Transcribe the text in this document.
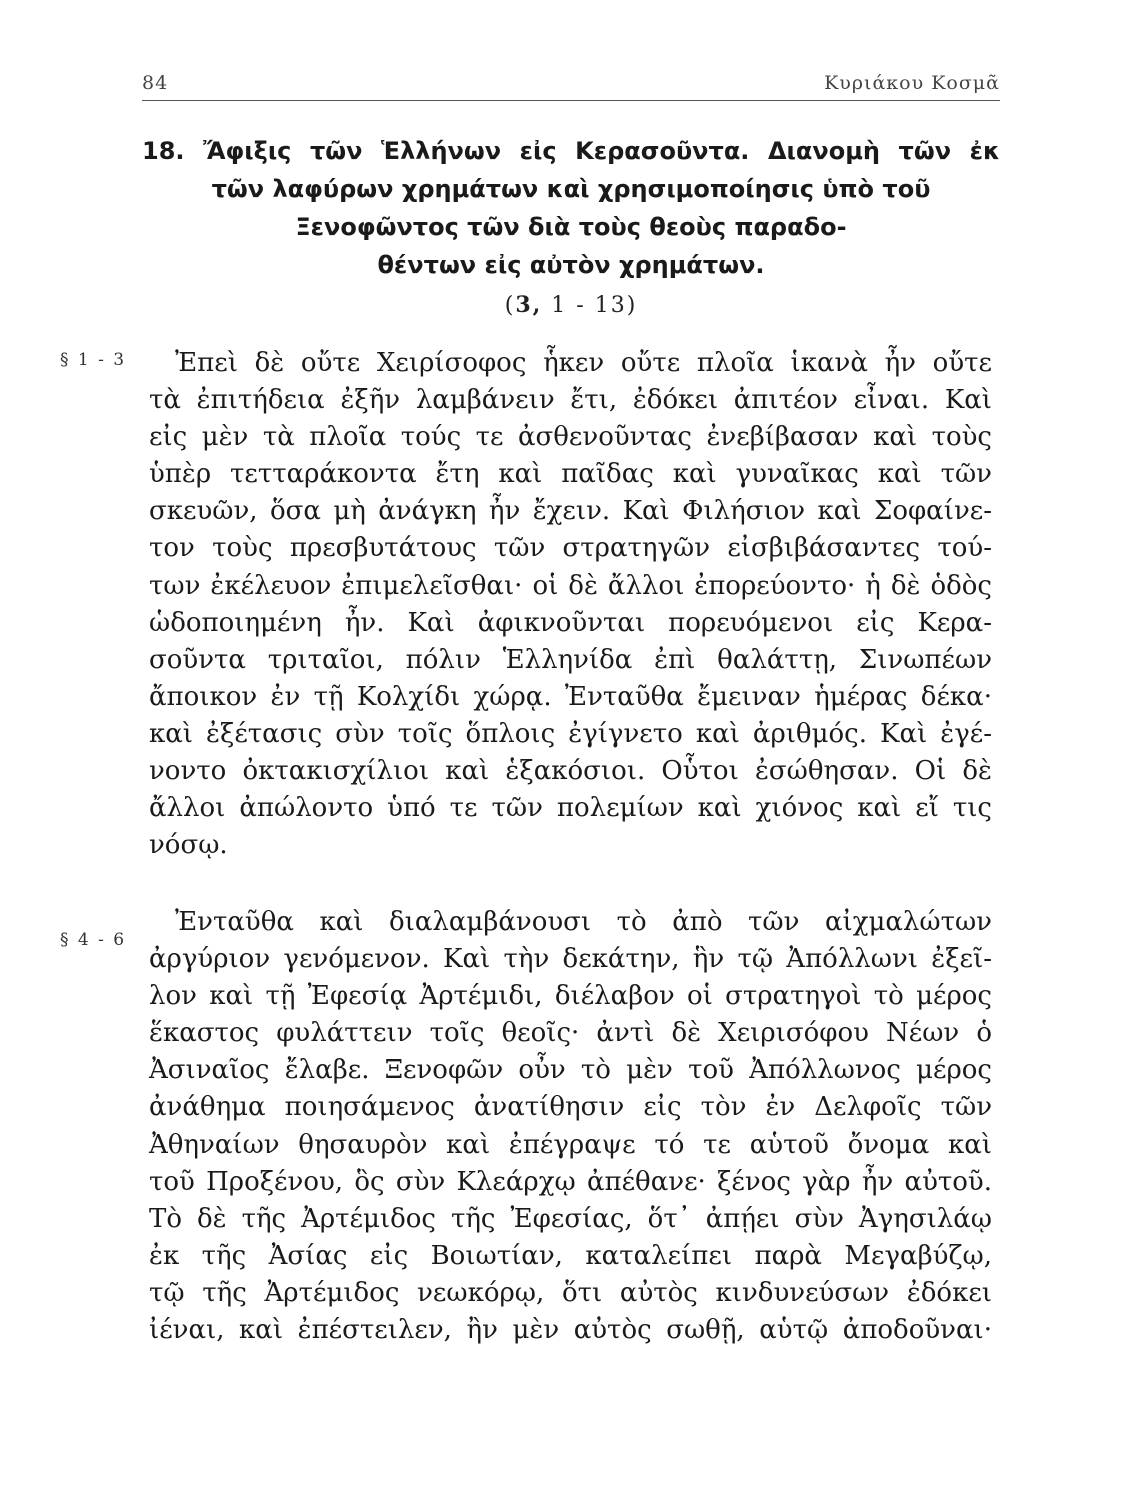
84	Κυριάκου Κοσμᾶ
18. Ἄφιξις τῶν Ἑλλήνων εἰς Κερασοῦντα. Διανομὴ τῶν ἐκ
τῶν λαφύρων χρημάτων καὶ χρησιμοποίησις ὑπὸ τοῦ
Ξενοφῶντος τῶν διὰ τοὺς θεοὺς παραδο-
θέντων εἰς αὐτὸν χρημάτων.
(3, 1 - 13)
§ 1 - 3	Ἐπεὶ δὲ οὔτε Χειρίσοφος ἧκεν οὔτε πλοῖα ἱκανὰ ἦν οὔτε
τὰ ἐπιτήδεια ἐξῆν λαμβάνειν ἔτι, ἐδόκει ἀπιτέον εἶναι. Καὶ
εἰς μὲν τὰ πλοῖα τούς τε ἀσθενοῦντας ἐνεβίβασαν καὶ τοὺς
ὑπὲρ τετταράκοντα ἔτη καὶ παῖδας καὶ γυναῖκας καὶ τῶν
σκευῶν, ὅσα μὴ ἀνάγκη ἦν ἔχειν. Καὶ Φιλήσιον καὶ Σοφαίνε-
τον τοὺς πρεσβυτάτους τῶν στρατηγῶν εἰσβιβάσαντες τού-
των ἐκέλευον ἐπιμελεῖσθαι· οἱ δὲ ἄλλοι ἐπορεύοντο· ἡ δὲ ὁδὸς
ὡδοποιημένη ἦν. Καὶ ἀφικνοῦνται πορευόμενοι εἰς Κερα-
σοῦντα τριταῖοι, πόλιν Ἑλληνίδα ἐπὶ θαλάττῃ, Σινωπέων
ἄποικον ἐν τῇ Κολχίδι χώρᾳ. Ἐνταῦθα ἔμειναν ἡμέρας δέκα·
καὶ ἐξέτασις σὺν τοῖς ὅπλοις ἐγίγνετο καὶ ἀριθμός. Καὶ ἐγέ-
νοντο ὀκτακισχίλιοι καὶ ἑξακόσιοι. Οὗτοι ἐσώθησαν. Οἱ δὲ
ἄλλοι ἀπώλοντο ὑπό τε τῶν πολεμίων καὶ χιόνος καὶ εἴ τις
νόσῳ.
§ 4 - 6
Ἐνταῦθα καὶ διαλαμβάνουσι τὸ ἀπὸ τῶν αἰχμαλώτων
ἀργύριον γενόμενον. Καὶ τὴν δεκάτην, ἣν τῷ Ἀπόλλωνι ἐξεῖ-
λον καὶ τῇ Ἐφεσίᾳ Ἀρτέμιδι, διέλαβον οἱ στρατηγοὶ τὸ μέρος
ἕκαστος φυλάττειν τοῖς θεοῖς· ἀντὶ δὲ Χειρισόφου Νέων ὁ
Ἀσιναῖος ἔλαβε. Ξενοφῶν οὖν τὸ μὲν τοῦ Ἀπόλλωνος μέρος
ἀνάθημα ποιησάμενος ἀνατίθησιν εἰς τὸν ἐν Δελφοῖς τῶν
Ἀθηναίων θησαυρὸν καὶ ἐπέγραψε τό τε αὑτοῦ ὄνομα καὶ
τοῦ Προξένου, ὃς σὺν Κλεάρχῳ ἀπέθανε· ξένος γὰρ ἦν αὐτοῦ.
Τὸ δὲ τῆς Ἀρτέμιδος τῆς Ἐφεσίας, ὅτ᾽ ἀπῄει σὺν Ἀγησιλάῳ
ἐκ τῆς Ἀσίας εἰς Βοιωτίαν, καταλείπει παρὰ Μεγαβύζῳ,
τῷ τῆς Ἀρτέμιδος νεωκόρῳ, ὅτι αὐτὸς κινδυνεύσων ἐδόκει
ἰέναι, καὶ ἐπέστειλεν, ἢν μὲν αὐτὸς σωθῇ, αὑτῷ ἀποδοῦναι·
